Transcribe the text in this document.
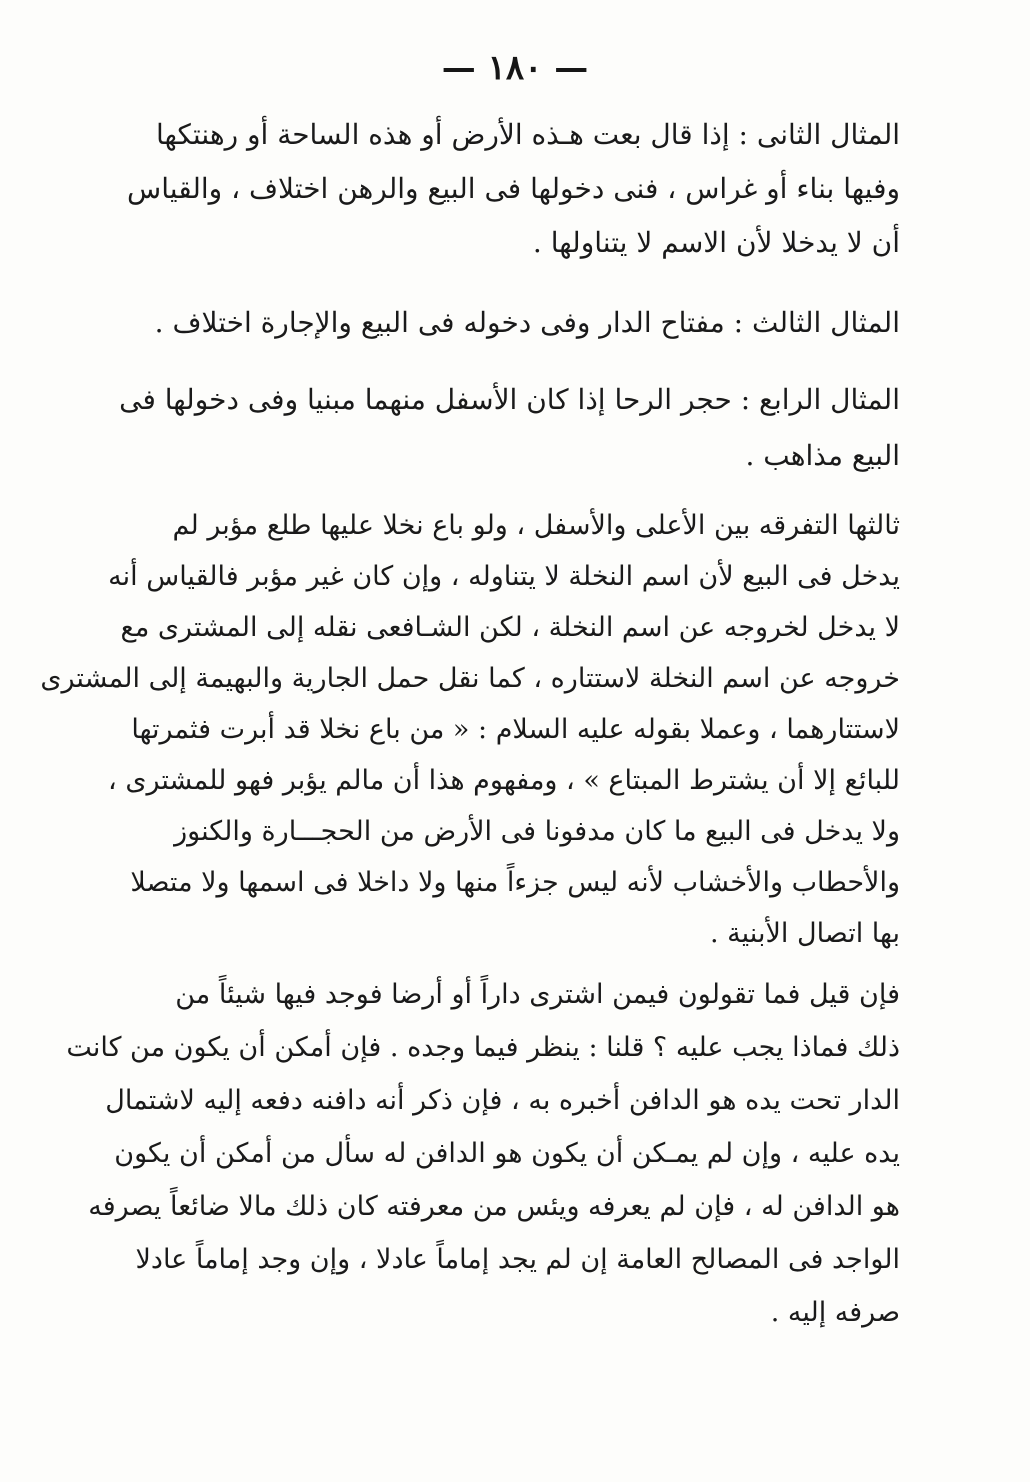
— ١٨٠ —
المثال الثانى : إذا قال بعت هـذه الأرض أو هذه الساحة أو رهنتكها
وفيها بناء أو غراس ، فنى دخولها فى البيع والرهن اختلاف ، والقياس
أن لا يدخلا لأن الاسم لا يتناولها .
المثال الثالث : مفتاح الدار وفى دخوله فى البيع والإجارة اختلاف .
المثال الرابع : حجر الرحا إذا كان الأسفل منهما مبنيا وفى دخولها فى
البيع مذاهب .
ثالثها التفرقه بين الأعلى والأسفل ، ولو باع نخلا عليها طلع مؤبر لم
يدخل فى البيع لأن اسم النخلة لا يتناوله ، وإن كان غير مؤبر فالقياس أنه
لا يدخل لخروجه عن اسم النخلة ، لكن الشـافعى نقله إلى المشترى مع
خروجه عن اسم النخلة لاستتاره ، كما نقل حمل الجارية والبهيمة إلى المشترى
لاستتارهما ، وعملا بقوله عليه السلام : « من باع نخلا قد أبرت فثمرتها
للبائع إلا أن يشترط المبتاع » ، ومفهوم هذا أن مالم يؤبر فهو للمشترى ،
ولا يدخل فى البيع ما كان مدفونا فى الأرض من الحجـــارة والكنوز
والأحطاب والأخشاب لأنه ليس جزءاً منها ولا داخلا فى اسمها ولا متصلا
بها اتصال الأبنية .
فإن قيل فما تقولون فيمن اشترى داراً أو أرضا فوجد فيها شيئاً من
ذلك فماذا يجب عليه ؟ قلنا : ينظر فيما وجده . فإن أمكن أن يكون من كانت
الدار تحت يده هو الدافن أخبره به ، فإن ذكر أنه دافنه دفعه إليه لاشتمال
يده عليه ، وإن لم يمـكن أن يكون هو الدافن له سأل من أمكن أن يكون
هو الدافن له ، فإن لم يعرفه ويئس من معرفته كان ذلك مالا ضائعاً يصرفه
الواجد فى المصالح العامة إن لم يجد إماماً عادلا ، وإن وجد إماماً عادلا
صرفه إليه .
